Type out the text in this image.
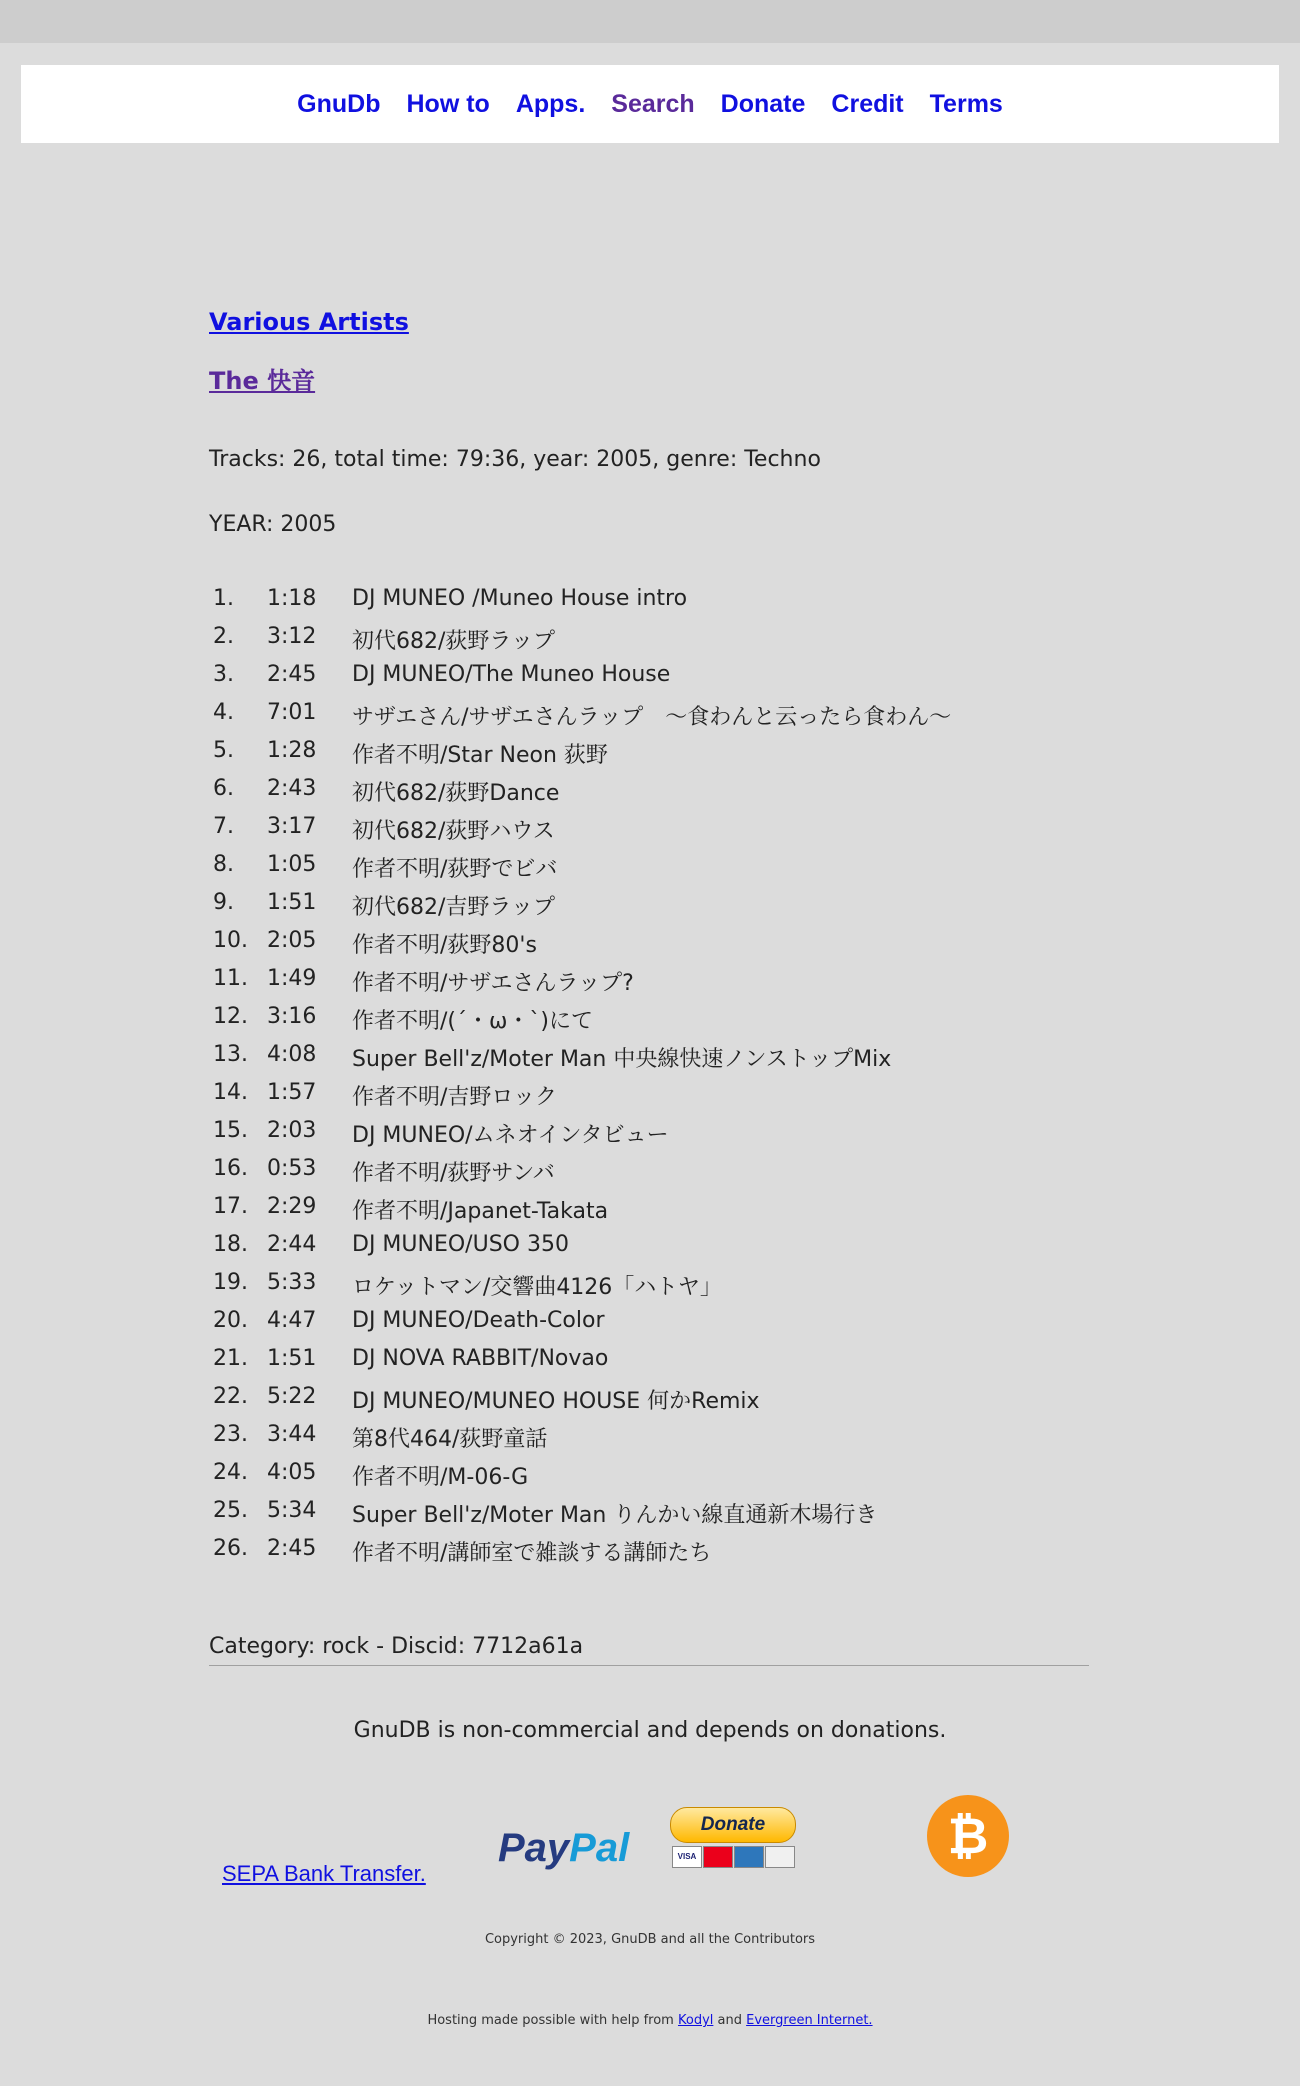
GnuDb How to Apps. Search Donate Credit Terms
Various Artists
The 快音
Tracks: 26, total time: 79:36, year: 2005, genre: Techno
YEAR: 2005
1.	1:18	DJ MUNEO /Muneo House intro
2.	3:12	初代682/荻野ラップ
3.	2:45	DJ MUNEO/The Muneo House
4.	7:01	サザエさん/サザエさんラップ　～食わんと云ったら食わん～
5.	1:28	作者不明/Star Neon 荻野
6.	2:43	初代682/荻野Dance
7.	3:17	初代682/荻野ハウス
8.	1:05	作者不明/荻野でビバ
9.	1:51	初代682/吉野ラップ
10. 2:05	作者不明/荻野80's
11. 1:49	作者不明/サザエさんラップ?
12. 3:16	作者不明/(´・ω・`)にて
13. 4:08	Super Bell'z/Moter Man 中央線快速ノンストップMix
14. 1:57	作者不明/吉野ロック
15. 2:03	DJ MUNEO/ムネオインタビュー
16. 0:53	作者不明/荻野サンバ
17. 2:29	作者不明/Japanet-Takata
18. 2:44	DJ MUNEO/USO 350
19. 5:33	ロケットマン/交響曲4126「ハトヤ」
20. 4:47	DJ MUNEO/Death-Color
21. 1:51	DJ NOVA RABBIT/Novao
22. 5:22	DJ MUNEO/MUNEO HOUSE 何かRemix
23. 3:44	第8代464/荻野童話
24. 4:05	作者不明/M-06-G
25. 5:34	Super Bell'z/Moter Man りんかい線直通新木場行き
26. 2:45	作者不明/講師室で雑談する講師たち
Category: rock - Discid: 7712a61a
GnuDB is non-commercial and depends on donations.
SEPA Bank Transfer.
PayPal
Donate
VISA	₿
Copyright © 2023, GnuDB and all the Contributors
Hosting made possible with help from Kodyl and Evergreen Internet.
